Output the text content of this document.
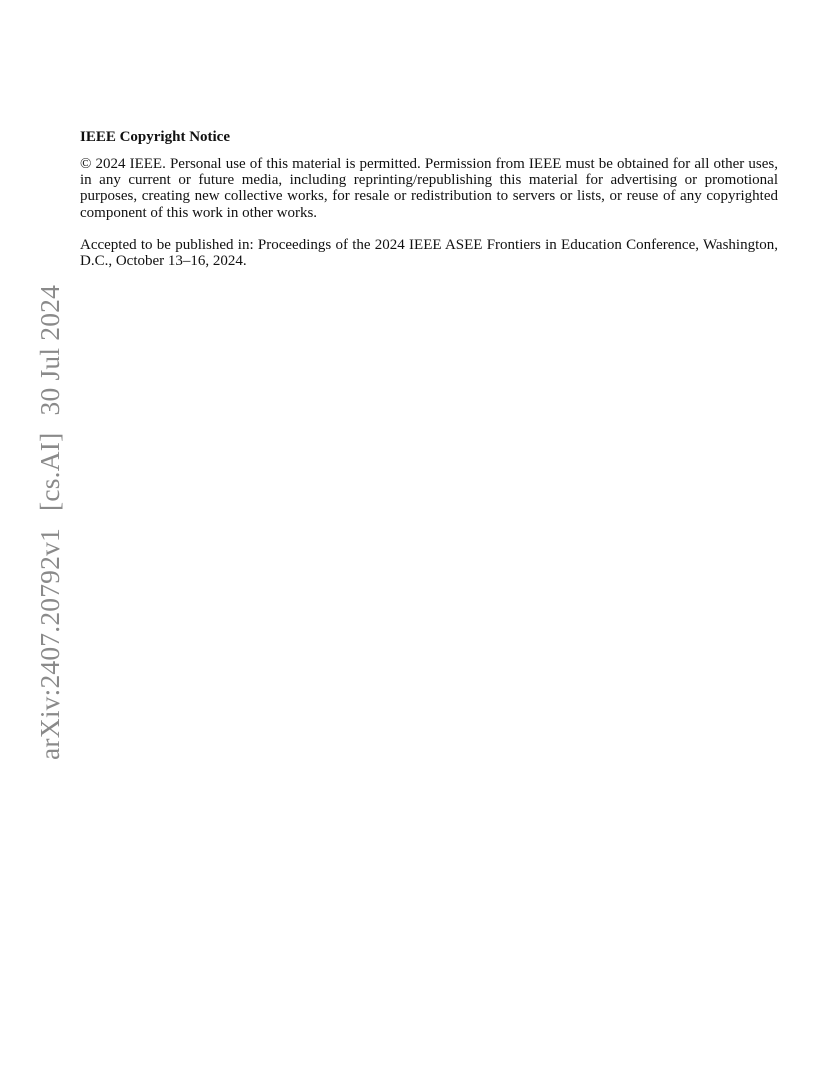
IEEE Copyright Notice

© 2024 IEEE. Personal use of this material is permitted. Permission from IEEE must be obtained for all other uses, in any current or future media, including reprinting/republishing this material for advertising or promotional purposes, creating new collective works, for resale or redistribution to servers or lists, or reuse of any copyrighted component of this work in other works.

Accepted to be published in: Proceedings of the 2024 IEEE ASEE Frontiers in Education Conference, Washington, D.C., October 13–16, 2024.

arXiv:2407.20792v1[cs.AI]30 Jul 2024
